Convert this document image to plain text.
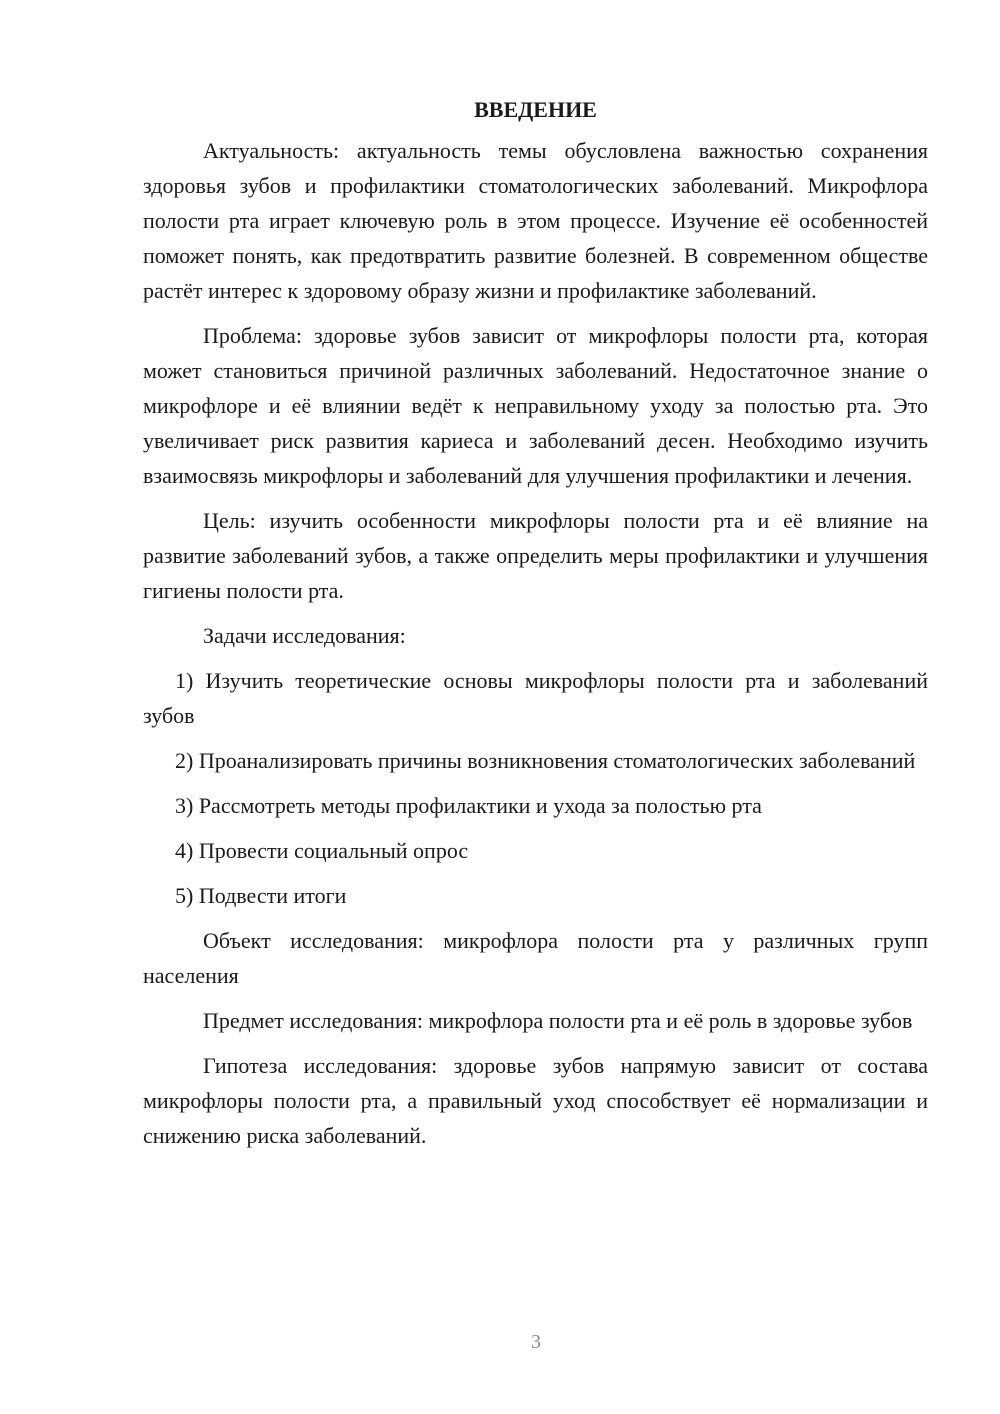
ВВЕДЕНИЕ

Актуальность: актуальность темы обусловлена важностью сохранения здоровья зубов и профилактики стоматологических заболеваний. Микрофлора полости рта играет ключевую роль в этом процессе. Изучение её особенностей поможет понять, как предотвратить развитие болезней. В современном обществе растёт интерес к здоровому образу жизни и профилактике заболеваний.

Проблема: здоровье зубов зависит от микрофлоры полости рта, которая может становиться причиной различных заболеваний. Недостаточное знание о микрофлоре и её влиянии ведёт к неправильному уходу за полостью рта. Это увеличивает риск развития кариеса и заболеваний десен. Необходимо изучить взаимосвязь микрофлоры и заболеваний для улучшения профилактики и лечения.

Цель: изучить особенности микрофлоры полости рта и её влияние на развитие заболеваний зубов, а также определить меры профилактики и улучшения гигиены полости рта.

Задачи исследования:

1) Изучить теоретические основы микрофлоры полости рта и заболеваний зубов

2) Проанализировать причины возникновения стоматологических заболеваний

3) Рассмотреть методы профилактики и ухода за полостью рта

4) Провести социальный опрос

5) Подвести итоги

Объект исследования: микрофлора полости рта у различных групп населения

Предмет исследования: микрофлора полости рта и её роль в здоровье зубов

Гипотеза исследования: здоровье зубов напрямую зависит от состава микрофлоры полости рта, а правильный уход способствует её нормализации и снижению риска заболеваний.

3
